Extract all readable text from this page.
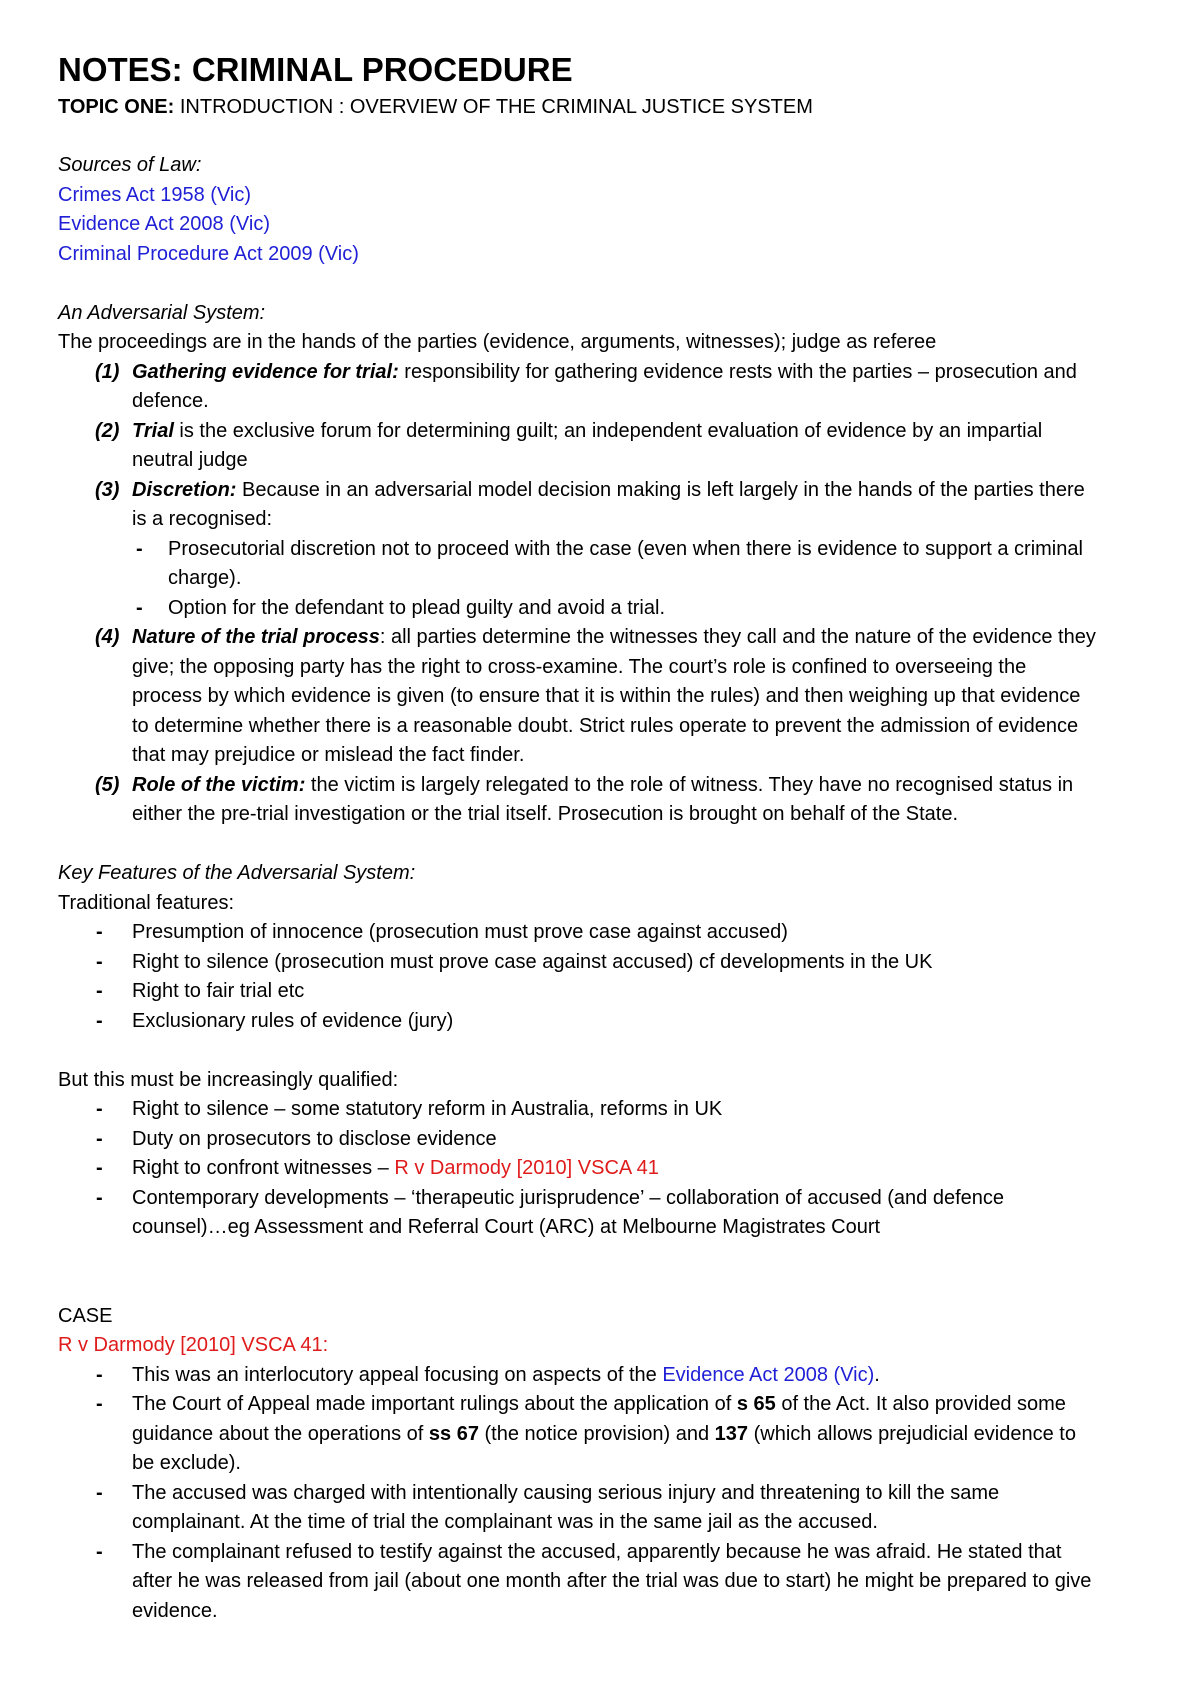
NOTES: CRIMINAL PROCEDURE

TOPIC ONE: INTRODUCTION : OVERVIEW OF THE CRIMINAL JUSTICE SYSTEM

Sources of Law:

Crimes Act 1958 (Vic)

Evidence Act 2008 (Vic)

Criminal Procedure Act 2009 (Vic)

An Adversarial System:

The proceedings are in the hands of the parties (evidence, arguments, witnesses); judge as referee

(1) Gathering evidence for trial: responsibility for gathering evidence rests with the parties – prosecution and defence.
(2) Trial is the exclusive forum for determining guilt; an independent evaluation of evidence by an impartial neutral judge
(3) Discretion: Because in an adversarial model decision making is left largely in the hands of the parties there is a recognised:
- Prosecutorial discretion not to proceed with the case (even when there is evidence to support a criminal charge).
- Option for the defendant to plead guilty and avoid a trial.
(4) Nature of the trial process: all parties determine the witnesses they call and the nature of the evidence they give; the opposing party has the right to cross-examine. The court’s role is confined to overseeing the process by which evidence is given (to ensure that it is within the rules) and then weighing up that evidence to determine whether there is a reasonable doubt. Strict rules operate to prevent the admission of evidence that may prejudice or mislead the fact finder.
(5) Role of the victim: the victim is largely relegated to the role of witness. They have no recognised status in either the pre-trial investigation or the trial itself. Prosecution is brought on behalf of the State.

Key Features of the Adversarial System:

Traditional features:

- Presumption of innocence (prosecution must prove case against accused)
- Right to silence (prosecution must prove case against accused) cf developments in the UK
- Right to fair trial etc
- Exclusionary rules of evidence (jury)

But this must be increasingly qualified:

- Right to silence – some statutory reform in Australia, reforms in UK
- Duty on prosecutors to disclose evidence
- Right to confront witnesses – R v Darmody [2010] VSCA 41
- Contemporary developments – ‘therapeutic jurisprudence’ – collaboration of accused (and defence counsel)…eg Assessment and Referral Court (ARC) at Melbourne Magistrates Court

CASE

R v Darmody [2010] VSCA 41:

- This was an interlocutory appeal focusing on aspects of the Evidence Act 2008 (Vic).
- The Court of Appeal made important rulings about the application of s 65 of the Act. It also provided some guidance about the operations of ss 67 (the notice provision) and 137 (which allows prejudicial evidence to be exclude).
- The accused was charged with intentionally causing serious injury and threatening to kill the same complainant. At the time of trial the complainant was in the same jail as the accused.
- The complainant refused to testify against the accused, apparently because he was afraid. He stated that after he was released from jail (about one month after the trial was due to start) he might be prepared to give evidence.
